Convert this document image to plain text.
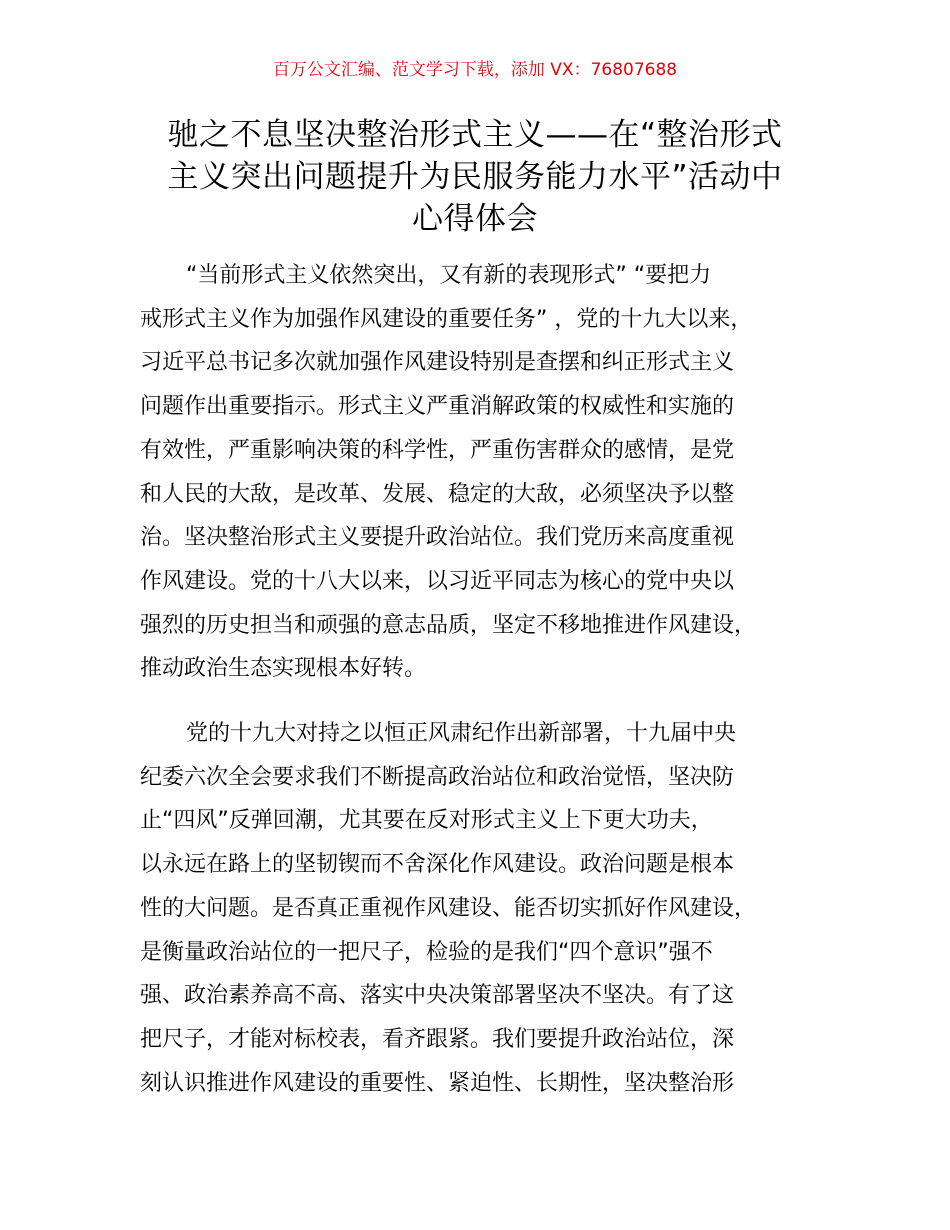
百万公文汇编、范文学习下载，添加 VX：76807688
驰之不息坚决整治形式主义——在“整治形式
主义突出问题提升为民服务能力水平”活动中
心得体会

“当前形式主义依然突出，又有新的表现形式” “要把力
戒形式主义作为加强作风建设的重要任务” ，党的十九大以来，
习近平总书记多次就加强作风建设特别是查摆和纠正形式主义
问题作出重要指示。形式主义严重消解政策的权威性和实施的
有效性，严重影响决策的科学性，严重伤害群众的感情，是党
和人民的大敌，是改革、发展、稳定的大敌，必须坚决予以整
治。坚决整治形式主义要提升政治站位。我们党历来高度重视
作风建设。党的十八大以来，以习近平同志为核心的党中央以
强烈的历史担当和顽强的意志品质，坚定不移地推进作风建设，
推动政治生态实现根本好转。

党的十九大对持之以恒正风肃纪作出新部署，十九届中央
纪委六次全会要求我们不断提高政治站位和政治觉悟，坚决防
止“四风”反弹回潮，尤其要在反对形式主义上下更大功夫，
以永远在路上的坚韧锲而不舍深化作风建设。政治问题是根本
性的大问题。是否真正重视作风建设、能否切实抓好作风建设，
是衡量政治站位的一把尺子，检验的是我们“四个意识”强不
强、政治素养高不高、落实中央决策部署坚决不坚决。有了这
把尺子，才能对标校表，看齐跟紧。我们要提升政治站位，深
刻认识推进作风建设的重要性、紧迫性、长期性，坚决整治形
